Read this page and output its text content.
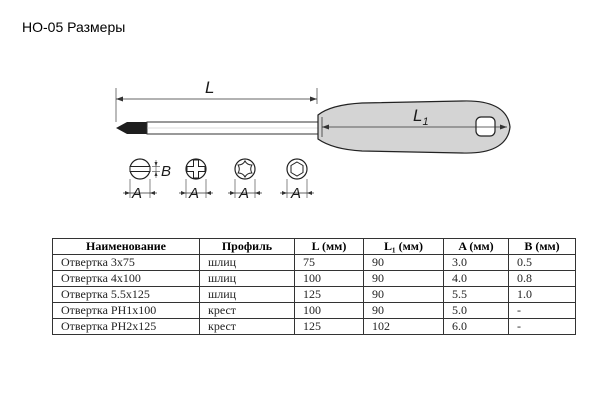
НО-05 Размеры
L
$L_1$
B
A	A	A	A
Наименование	Профиль	L (мм)	L₁ (мм)	A (мм)	B (мм)
Отвертка 3x75	шлиц	75	90	3.0	0.5
Отвертка 4x100	шлиц	100	90	4.0	0.8
Отвертка 5.5x125	шлиц	125	90	5.5	1.0
Отвертка PH1x100	крест	100	90	5.0	-
Отвертка PH2x125	крест	125	102	6.0	-
